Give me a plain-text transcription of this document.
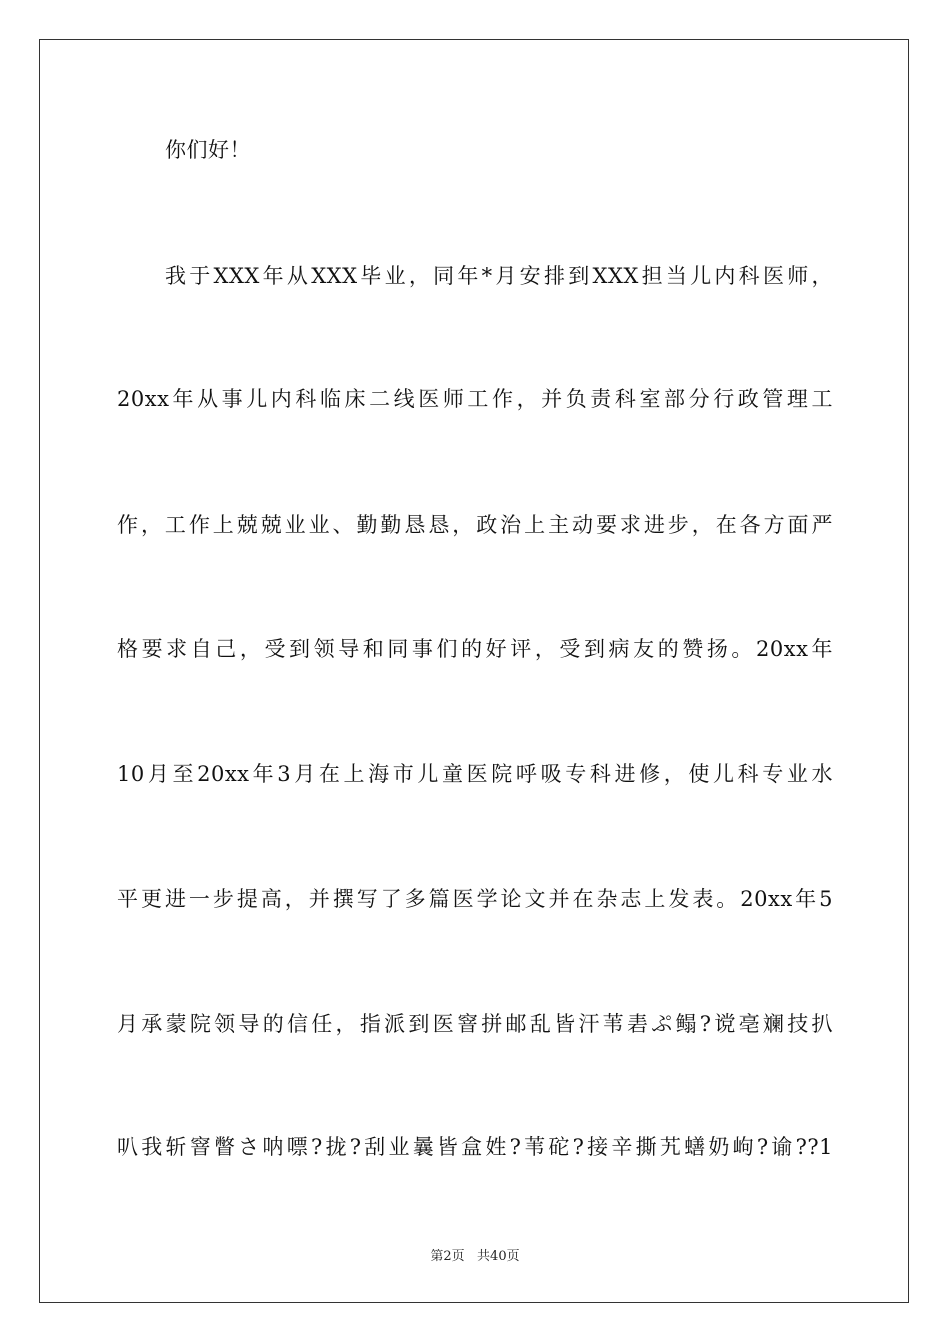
你们好！
我于XXX年从XXX毕业，同年*月安排到XXX担当儿内科医师，
20xx年从事儿内科临床二线医师工作，并负责科室部分行政管理工
作，工作上兢兢业业、勤勤恳恳，政治上主动要求进步，在各方面严
格要求自己，受到领导和同事们的好评，受到病友的赞扬。20xx年
10月至20xx年3月在上海市儿童医院呼吸专科进修，使儿科专业水
平更进一步提高，并撰写了多篇医学论文并在杂志上发表。20xx年5
月承蒙院领导的信任，指派到医窨拼邮乱皆汗苇砉ぷ鳎?谠亳斓技扒
叭我斩窨瞥さ呐嘌?拢?刮业曩皆盒姓?苇砣?接辛撕艽蟮奶岣?谕??1
第2页   共40页
